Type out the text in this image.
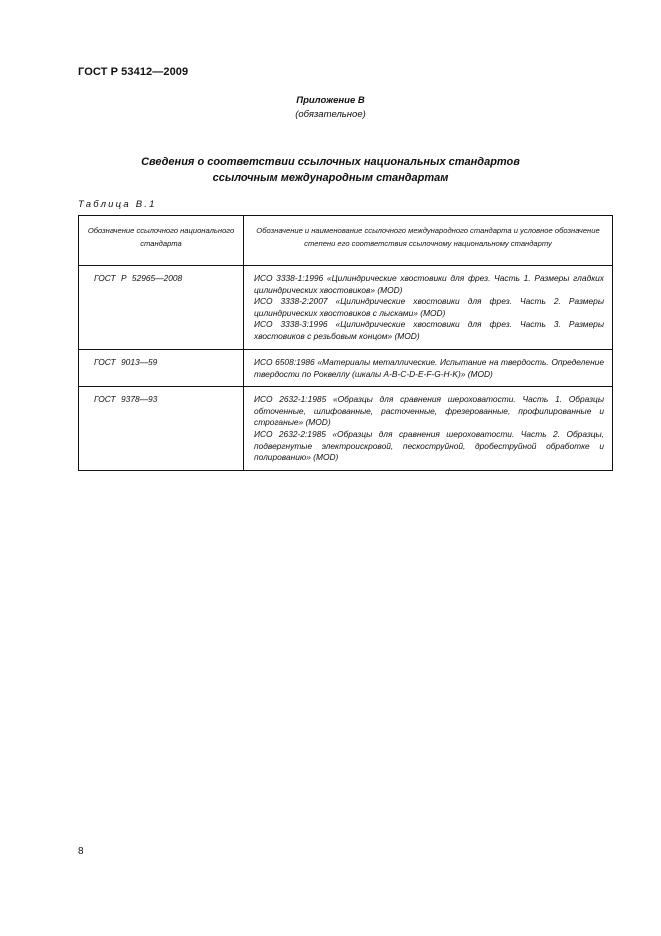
ГОСТ Р 53412—2009
Приложение В
(обязательное)
Сведения о соответствии ссылочных национальных стандартов
ссылочным международным стандартам
Таблица В.1
Обозначение ссылочного национального стандарта	Обозначение и наименование ссылочного международного стандарта и условное обозначение степени его соответствия ссылочному национальному стандарту
ГОСТ Р 52965—2008	ИСО 3338-1:1996 «Цилиндрические хвостовики для фрез. Часть 1. Размеры гладких цилиндрических хвостовиков» (MOD)
ИСО 3338-2:2007 «Цилиндрические хвостовики для фрез. Часть 2. Размеры цилиндрических хвостовиков с лысками» (MOD)
ИСО 3338-3:1996 «Цилиндрические хвостовики для фрез. Часть 3. Размеры хвостовиков с резьбовым концом» (MOD)

ГОСТ 9013—59	ИСО 6508:1986 «Материалы металлические. Испытание на твердость. Определение твердости по Роквеллу (шкалы A-B-C-D-E-F-G-H-K)» (MOD)

ГОСТ 9378—93	ИСО 2632-1:1985 «Образцы для сравнения шероховатости. Часть 1. Образцы обточенные, шлифованные, расточенные, фрезерованные, профилированные и строганые» (MOD)
ИСО 2632-2:1985 «Образцы для сравнения шероховатости. Часть 2. Образцы, подвергнутые электроискровой, пескоструйной, дробеструйной обработке и полированию» (MOD)
8
